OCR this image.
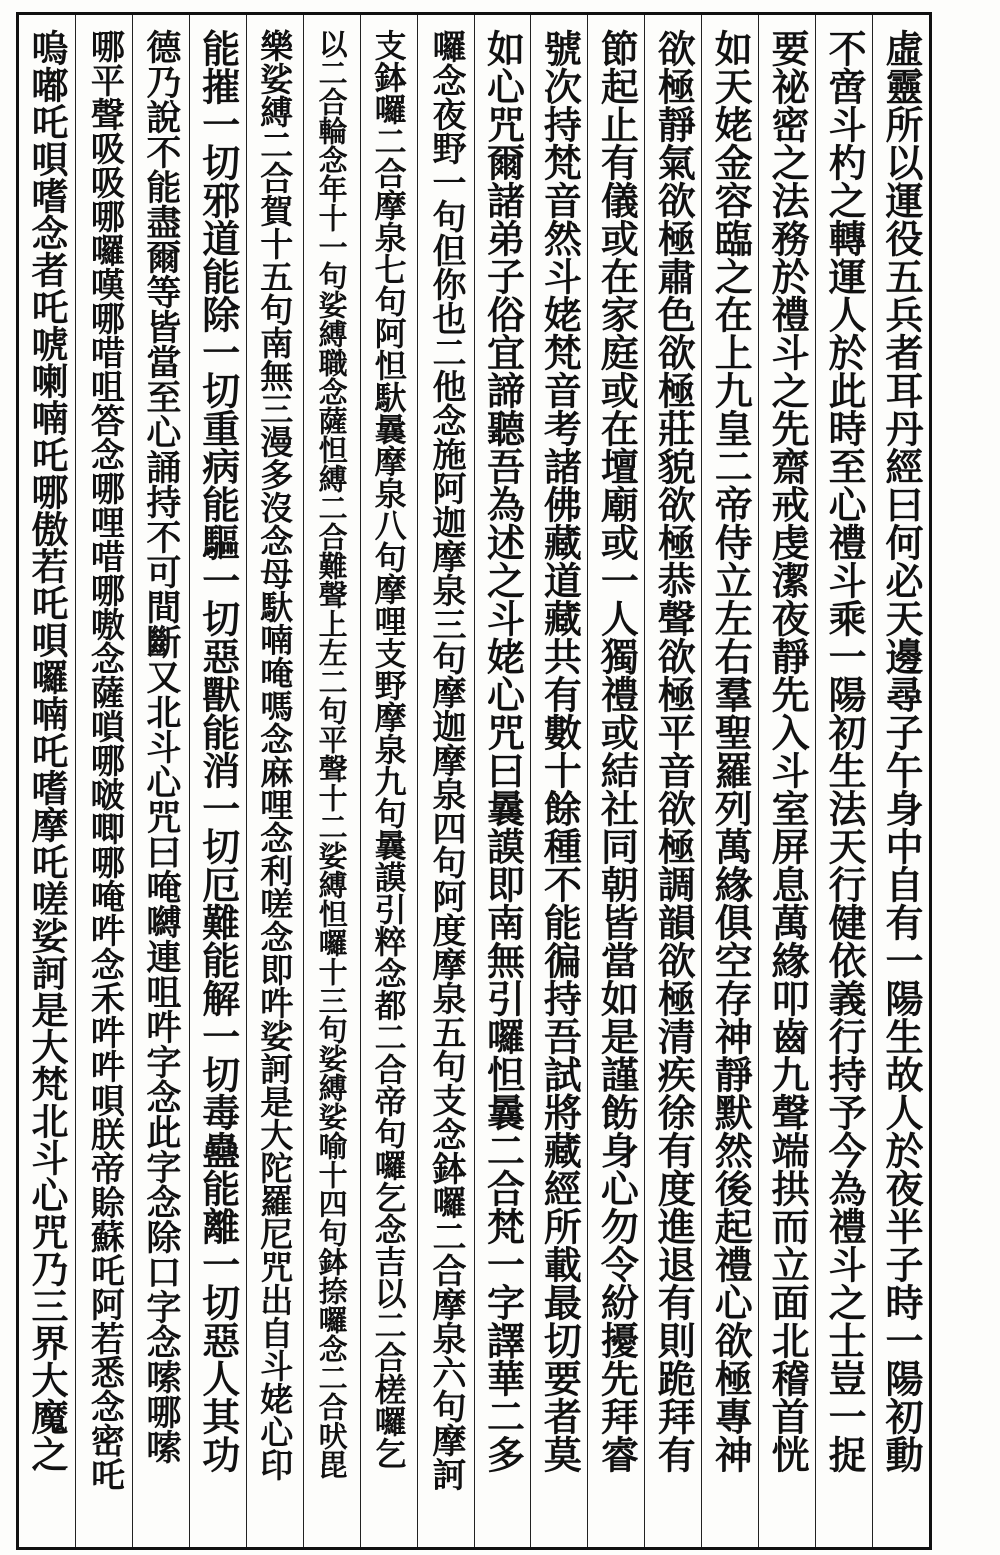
虛靈所以運役五兵者耳丹經曰何必天邊尋子午身中自有一陽生故人於夜半子時一陽初動
不啻斗杓之轉運人於此時至心禮斗乘一陽初生法天行健依義行持予今為禮斗之士豈一捉
要祕密之法務於禮斗之先齋戒虔潔夜靜先入斗室屏息萬緣叩齒九聲端拱而立面北稽首恍
如天姥金容臨之在上九皇二帝侍立左右羣聖羅列萬緣俱空存神靜默然後起禮心欲極專神
欲極靜氣欲極肅色欲極莊貌欲極恭聲欲極平音欲極調韻欲極清疾徐有度進退有則跪拜有
節起止有儀或在家庭或在壇廟或一人獨禮或結社同朝皆當如是謹飭身心勿令紛擾先拜睿
號次持梵音然斗姥梵音考諸佛藏道藏共有數十餘種不能徧持吾試將藏經所載最切要者莫
如心咒爾諸弟子俗宜諦聽吾為述之斗姥心咒曰曩謨即南無引囉怛曩二合梵一字譯華二多
囉念夜野一句但你也二他念施阿迦摩泉三句摩迦摩泉四句阿度摩泉五句支念鉢囉二合摩泉六句摩訶
支鉢囉二合摩泉七句阿怛馱曩摩泉八句摩哩支野摩泉九句曩謨引粹念都二合帝句囉乞念吉以二合槎囉乞
以二合輪念年十一句娑縛職念薩怛縛二合難聲上左二句平聲十二娑縛怛囉十三句娑縛娑喻十四句鉢捺囉念二合吠毘
樂娑縛二合賀十五句南無三漫多沒念母馱喃唵嗎念麻哩念利嗟念即吽娑訶是大陀羅尼咒出自斗姥心印
能摧一切邪道能除一切重病能驅一切惡獸能消一切厄難能解一切毒蠱能離一切惡人其功
德乃說不能盡爾等皆當至心誦持不可間斷又北斗心咒曰唵嚩連咀吽字念此字念除口字念嗦哪嗦
哪平聲吸吸哪囉嘆哪唶咀答念哪哩唶哪嗷念薩嗩哪啵唧哪唵吽念禾吽吽唄朕帝賒蘇吒阿若悉念密吒
嗚嘟吒唄嗜念者吒唬喇喃吒哪傲若吒唄囉喃吒嗜摩吒嗟娑訶是大梵北斗心咒乃三界大魔之
